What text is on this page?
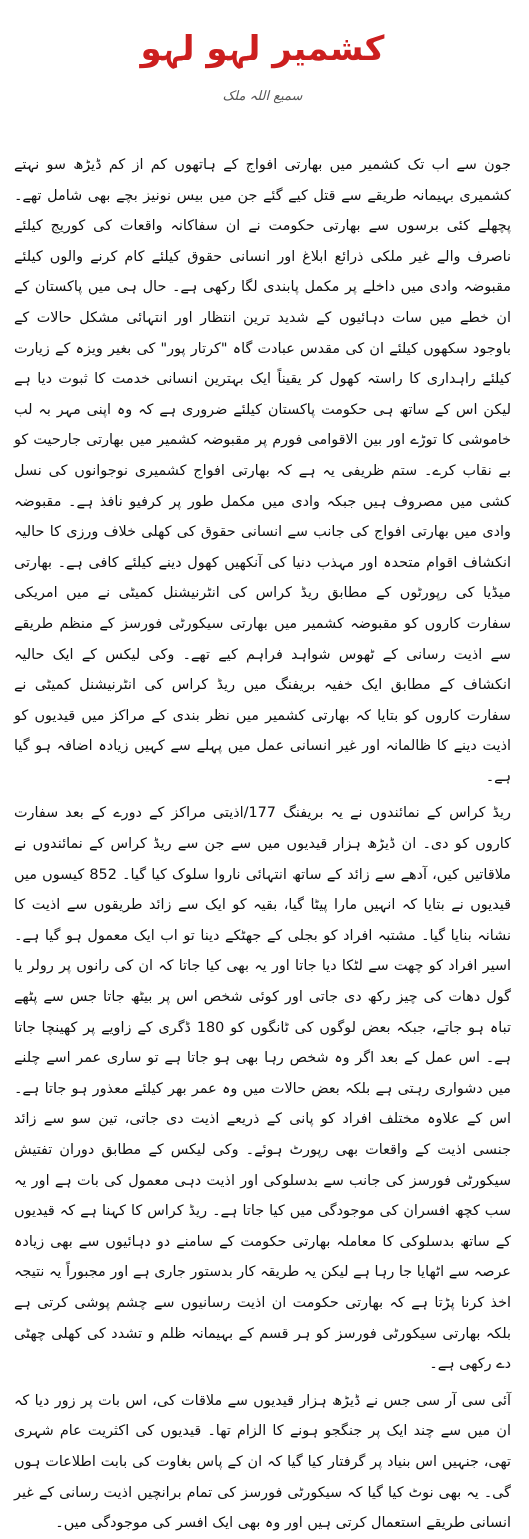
کشمیر لہو لہو
سمیع اللہ ملک

جون سے اب تک کشمیر میں بھارتی افواج کے ہاتھوں کم از کم ڈیڑھ سو نہتے کشمیری بہیمانہ طریقے سے قتل کیے گئے جن میں بیس نونیز بچے بھی شامل تھے۔ پچھلے کئی برسوں سے بھارتی حکومت نے ان سفاکانہ واقعات کی کوریج کیلئے ناصرف والے غیر ملکی ذرائع ابلاغ اور انسانی حقوق کیلئے کام کرنے والوں کیلئے مقبوضہ وادی میں داخلے پر مکمل پابندی لگا رکھی ہے۔ حال ہی میں پاکستان کے ان خطے میں سات دہائیوں کے شدید ترین انتظار اور انتہائی مشکل حالات کے باوجود سکھوں کیلئے ان کی مقدس عبادت گاہ "کرتار پور" کی بغیر ویزہ کے زیارت کیلئے راہداری کا راستہ کھول کر یقیناً ایک بہترین انسانی خدمت کا ثبوت دیا ہے لیکن اس کے ساتھ ہی حکومت پاکستان کیلئے ضروری ہے کہ وہ اپنی مہر بہ لب خاموشی کا توڑے اور بین الاقوامی فورم پر مقبوضہ کشمیر میں بھارتی جارحیت کو بے نقاب کرے۔ ستم ظریفی یہ ہے کہ بھارتی افواج کشمیری نوجوانوں کی نسل کشی میں مصروف ہیں جبکہ وادی میں مکمل طور پر کرفیو نافذ ہے۔ مقبوضہ وادی میں بھارتی افواج کی جانب سے انسانی حقوق کی کھلی خلاف ورزی کا حالیہ انکشاف اقوام متحدہ اور مہذب دنیا کی آنکھیں کھول دینے کیلئے کافی ہے۔ بھارتی میڈیا کی رپورٹوں کے مطابق ریڈ کراس کی انٹرنیشنل کمیٹی نے میں امریکی سفارت کاروں کو مقبوضہ کشمیر میں بھارتی سیکورٹی فورسز کے منظم طریقے سے اذیت رسانی کے ٹھوس شواہد فراہم کیے تھے۔ وکی لیکس کے ایک حالیہ انکشاف کے مطابق ایک خفیہ بریفنگ میں ریڈ کراس کی انٹرنیشنل کمیٹی نے سفارت کاروں کو بتایا کہ بھارتی کشمیر میں نظر بندی کے مراکز میں قیدیوں کو اذیت دینے کا ظالمانہ اور غیر انسانی عمل میں پہلے سے کہیں زیادہ اضافہ ہو گیا ہے۔

ریڈ کراس کے نمائندوں نے یہ بریفنگ 177/اذیتی مراکز کے دورے کے بعد سفارت کاروں کو دی۔ ان ڈیڑھ ہزار قیدیوں میں سے جن سے ریڈ کراس کے نمائندوں نے ملاقاتیں کیں، آدھے سے زائد کے ساتھ انتہائی ناروا سلوک کیا گیا۔ 852 کیسوں میں قیدیوں نے بتایا کہ انہیں مارا پیٹا گیا، بقیہ کو ایک سے زائد طریقوں سے اذیت کا نشانہ بنایا گیا۔ مشتبہ افراد کو بجلی کے جھٹکے دینا تو اب ایک معمول ہو گیا ہے۔ اسیر افراد کو چھت سے لٹکا دیا جاتا اور یہ بھی کیا جاتا کہ ان کی رانوں پر رولر یا گول دھات کی چیز رکھ دی جاتی اور کوئی شخص اس پر بیٹھ جاتا جس سے پٹھے تباہ ہو جاتے، جبکہ بعض لوگوں کی ٹانگوں کو 180 ڈگری کے زاویے پر کھینچا جاتا ہے۔ اس عمل کے بعد اگر وہ شخص رہا بھی ہو جاتا ہے تو ساری عمر اسے چلنے میں دشواری رہتی ہے بلکہ بعض حالات میں وہ عمر بھر کیلئے معذور ہو جاتا ہے۔ اس کے علاوہ مختلف افراد کو پانی کے ذریعے اذیت دی جاتی، تین سو سے زائد جنسی اذیت کے واقعات بھی رپورٹ ہوئے۔ وکی لیکس کے مطابق دوران تفتیش سیکورٹی فورسز کی جانب سے بدسلوکی اور اذیت دہی معمول کی بات ہے اور یہ سب کچھ افسران کی موجودگی میں کیا جاتا ہے۔ ریڈ کراس کا کہنا ہے کہ قیدیوں کے ساتھ بدسلوکی کا معاملہ بھارتی حکومت کے سامنے دو دہائیوں سے بھی زیادہ عرصہ سے اٹھایا جا رہا ہے لیکن یہ طریقہ کار بدستور جاری ہے اور مجبوراً یہ نتیجہ اخذ کرنا پڑتا ہے کہ بھارتی حکومت ان اذیت رسانیوں سے چشم پوشی کرتی ہے بلکہ بھارتی سیکورٹی فورسز کو ہر قسم کے بہیمانہ ظلم و تشدد کی کھلی چھٹی دے رکھی ہے۔

آئی سی آر سی جس نے ڈیڑھ ہزار قیدیوں سے ملاقات کی، اس بات پر زور دیا کہ ان میں سے چند ایک پر جنگجو ہونے کا الزام تھا۔ قیدیوں کی اکثریت عام شہری تھی، جنہیں اس بنیاد پر گرفتار کیا گیا کہ ان کے پاس بغاوت کی بابت اطلاعات ہوں گی۔ یہ بھی نوٹ کیا گیا کہ سیکورٹی فورسز کی تمام برانچیں اذیت رسانی کے غیر انسانی طریقے استعمال کرتی ہیں اور وہ بھی ایک افسر کی موجودگی میں۔
